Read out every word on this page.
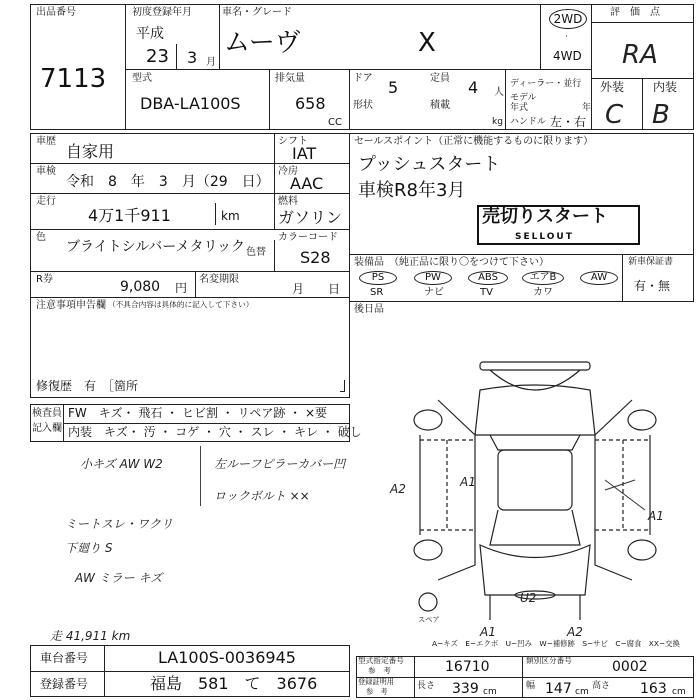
出品番号
7113
初度登録年月
平成
23 3 月
車名・グレード
ムーヴ	X
2WD
·
4WD
評　価　点
RA
型式
DBA-LA100S
排気量
658
CC
ドア 5	定員 4 人
形状	積載
kg
ディーラー・並行
モデル
年式	年
ハンドル 左・右
外装 内装
C B
車歴
自家用
シフト
IAT
車検
令和　8　年　3　月（29　日）
冷房
AAC
走行
4万1千911	km
燃料
ガソリン
色
ブライトシルバーメタリック 色替
カラーコード
S28
R券	9,080 円
名変期限
月 日
注意事項申告欄 （不具合内容は具体的に記入して下さい）
修復歴 有　［箇所
セールスポイント（正常に機能するものに限ります）
プッシュスタート
車検R8年3月
売切りスタート
SELLOUT
装備品　（純正品に限り〇をつけて下さい）
PS	PW	ABS	エアB	AW
SR	ナビ	TV	カワ
新車保証書
有・無
後日品
検査員
記入欄
FW　キズ・ 飛石 ・ ヒビ割 ・ リペア跡 ・ ×要
内装　キズ・ 汚 ・ コゲ ・ 穴 ・ スレ ・ キレ ・ 破し
小キズ AW W2
ミートスレ・ワクリ
下廻り S
AW ミラー キズ
走 41,911 km
左ルーフピラーカバー凹
ロックボルト ××	A2	A1
A1
U2
A1	A2
スペア
A−キズ　E−エクボ　U−凹み　W−補修跡　S−サビ　C−腐食　XX−交換
車台番号	LA100S-0036945
登録番号	福島　581　て　3676
型式指定番号
参　考	16710	類別区分番号	0002
登録証明用
参　考
長さ 339 cm
幅 147 cm
高さ 163 cm
